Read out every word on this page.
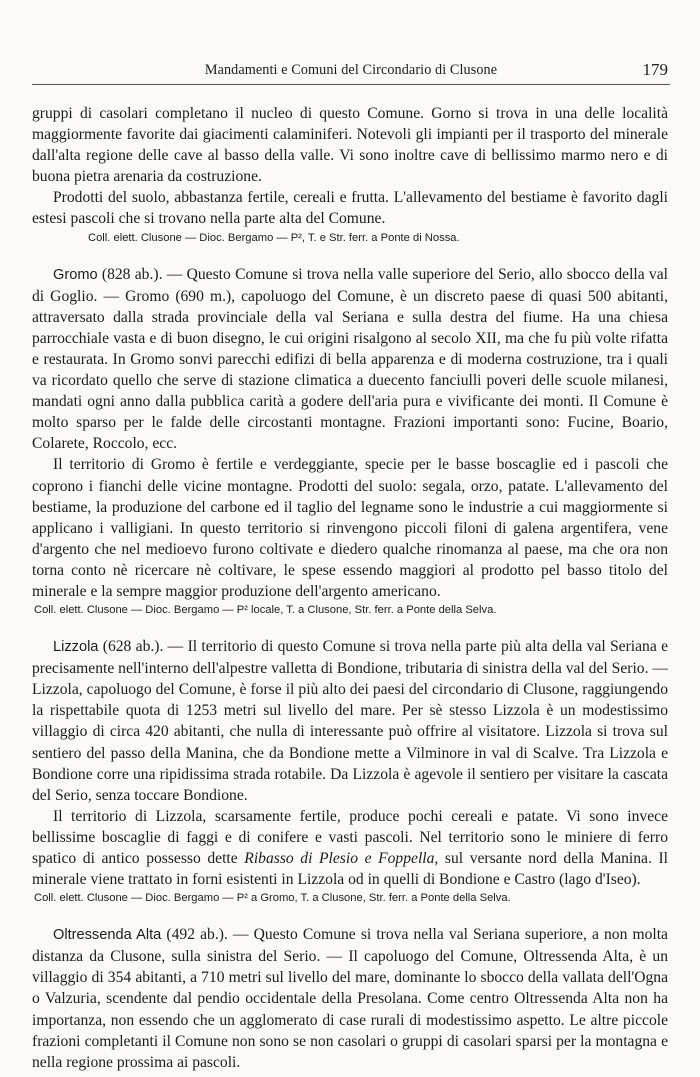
Mandamenti e Comuni del Circondario di Clusone	179

gruppi di casolari completano il nucleo di questo Comune. Gorno si trova in una delle località maggiormente favorite dai giacimenti calaminiferi. Notevoli gli impianti per il trasporto del minerale dall'alta regione delle cave al basso della valle. Vi sono inoltre cave di bellissimo marmo nero e di buona pietra arenaria da costruzione.

Prodotti del suolo, abbastanza fertile, cereali e frutta. L'allevamento del bestiame è favorito dagli estesi pascoli che si trovano nella parte alta del Comune.

Coll. elett. Clusone — Dioc. Bergamo — P², T. e Str. ferr. a Ponte di Nossa.

Gromo (828 ab.). — Questo Comune si trova nella valle superiore del Serio, allo sbocco della val di Goglio. — Gromo (690 m.), capoluogo del Comune, è un discreto paese di quasi 500 abitanti, attraversato dalla strada provinciale della val Seriana e sulla destra del fiume. Ha una chiesa parrocchiale vasta e di buon disegno, le cui origini risalgono al secolo XII, ma che fu più volte rifatta e restaurata. In Gromo sonvi parecchi edifizi di bella apparenza e di moderna costruzione, tra i quali va ricordato quello che serve di stazione climatica a duecento fanciulli poveri delle scuole milanesi, mandati ogni anno dalla pubblica carità a godere dell'aria pura e vivificante dei monti. Il Comune è molto sparso per le falde delle circostanti montagne. Frazioni importanti sono: Fucine, Boario, Colarete, Roccolo, ecc.

Il territorio di Gromo è fertile e verdeggiante, specie per le basse boscaglie ed i pascoli che coprono i fianchi delle vicine montagne. Prodotti del suolo: segala, orzo, patate. L'allevamento del bestiame, la produzione del carbone ed il taglio del legname sono le industrie a cui maggiormente si applicano i valligiani. In questo territorio si rinvengono piccoli filoni di galena argentifera, vene d'argento che nel medioevo furono coltivate e diedero qualche rinomanza al paese, ma che ora non torna conto nè ricercare nè coltivare, le spese essendo maggiori al prodotto pel basso titolo del minerale e la sempre maggior produzione dell'argento americano.

Coll. elett. Clusone — Dioc. Bergamo — P² locale, T. a Clusone, Str. ferr. a Ponte della Selva.

Lizzola (628 ab.). — Il territorio di questo Comune si trova nella parte più alta della val Seriana e precisamente nell'interno dell'alpestre valletta di Bondione, tributaria di sinistra della val del Serio. — Lizzola, capoluogo del Comune, è forse il più alto dei paesi del circondario di Clusone, raggiungendo la rispettabile quota di 1253 metri sul livello del mare. Per sè stesso Lizzola è un modestissimo villaggio di circa 420 abitanti, che nulla di interessante può offrire al visitatore. Lizzola si trova sul sentiero del passo della Manina, che da Bondione mette a Vilminore in val di Scalve. Tra Lizzola e Bondione corre una ripidissima strada rotabile. Da Lizzola è agevole il sentiero per visitare la cascata del Serio, senza toccare Bondione.

Il territorio di Lizzola, scarsamente fertile, produce pochi cereali e patate. Vi sono invece bellissime boscaglie di faggi e di conifere e vasti pascoli. Nel territorio sono le miniere di ferro spatico di antico possesso dette Ribasso di Plesio e Foppella, sul versante nord della Manina. Il minerale viene trattato in forni esistenti in Lizzola od in quelli di Bondione e Castro (lago d'Iseo).

Coll. elett. Clusone — Dioc. Bergamo — P² a Gromo, T. a Clusone, Str. ferr. a Ponte della Selva.

Oltressenda Alta (492 ab.). — Questo Comune si trova nella val Seriana superiore, a non molta distanza da Clusone, sulla sinistra del Serio. — Il capoluogo del Comune, Oltressenda Alta, è un villaggio di 354 abitanti, a 710 metri sul livello del mare, dominante lo sbocco della vallata dell'Ogna o Valzuria, scendente dal pendio occidentale della Presolana. Come centro Oltressenda Alta non ha importanza, non essendo che un agglomerato di case rurali di modestissimo aspetto. Le altre piccole frazioni completanti il Comune non sono se non casolari o gruppi di casolari sparsi per la montagna e nella regione prossima ai pascoli.
